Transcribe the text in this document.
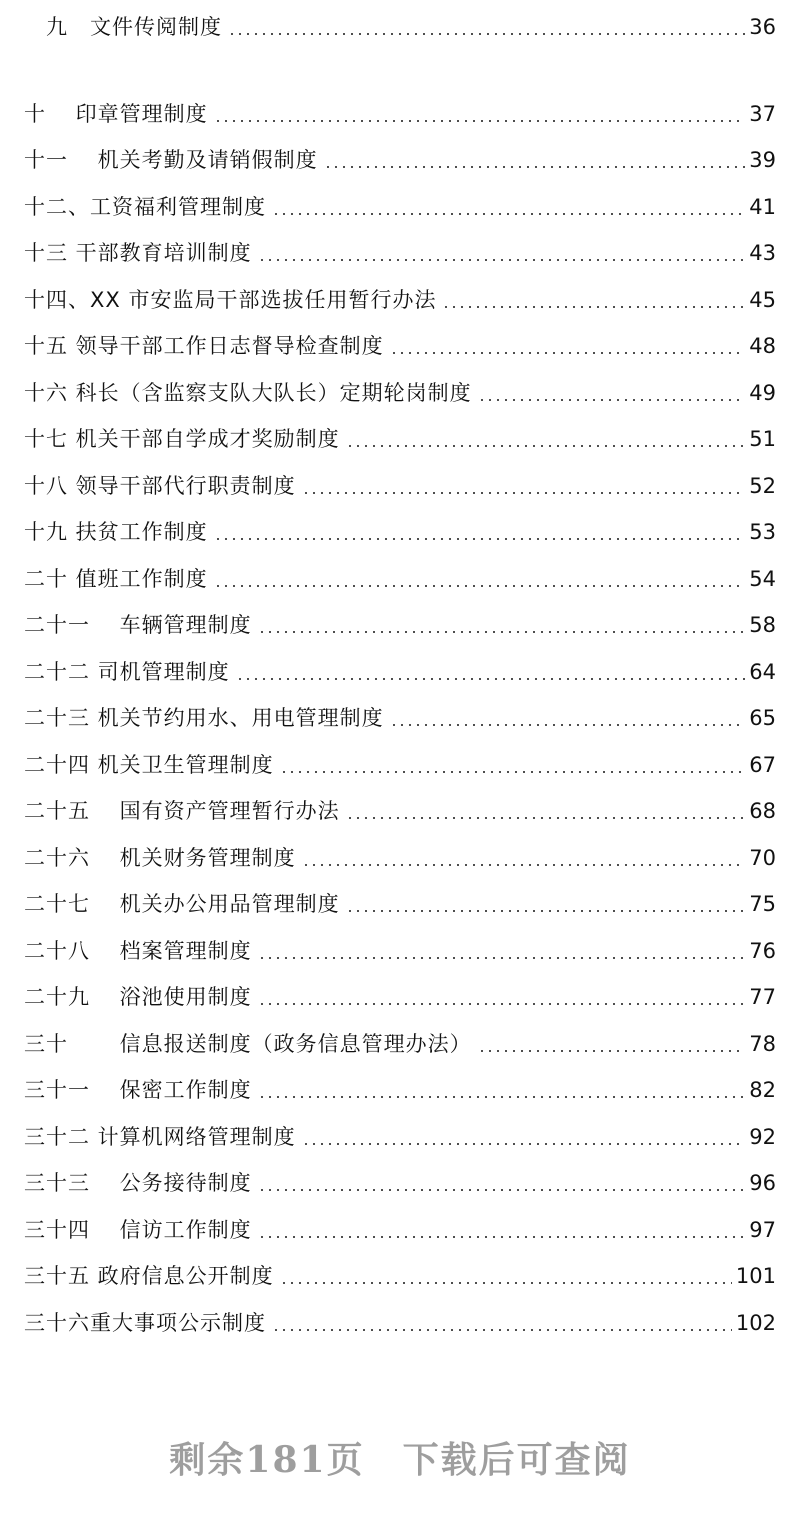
　九　文件传阅制度	36
十　 印章管理制度	37
十一　 机关考勤及请销假制度	39
十二、工资福利管理制度	41
十三 干部教育培训制度	43
十四、XX 市安监局干部选拔任用暂行办法	45
十五 领导干部工作日志督导检查制度	48
十六 科长（含监察支队大队长）定期轮岗制度	49
十七 机关干部自学成才奖励制度	51
十八 领导干部代行职责制度	52
十九 扶贫工作制度	53
二十 值班工作制度	54
二十一　 车辆管理制度	58
二十二 司机管理制度	64
二十三 机关节约用水、用电管理制度	65
二十四 机关卫生管理制度	67
二十五　 国有资产管理暂行办法	68
二十六　 机关财务管理制度	70
二十七　 机关办公用品管理制度	75
二十八　 档案管理制度	76
二十九　 浴池使用制度	77
三十　　 信息报送制度（政务信息管理办法）	78
三十一　 保密工作制度	82
三十二 计算机网络管理制度	92
三十三　 公务接待制度	96
三十四　 信访工作制度	97
三十五 政府信息公开制度	101
三十六重大事项公示制度	102
剩余181页　下载后可查阅
